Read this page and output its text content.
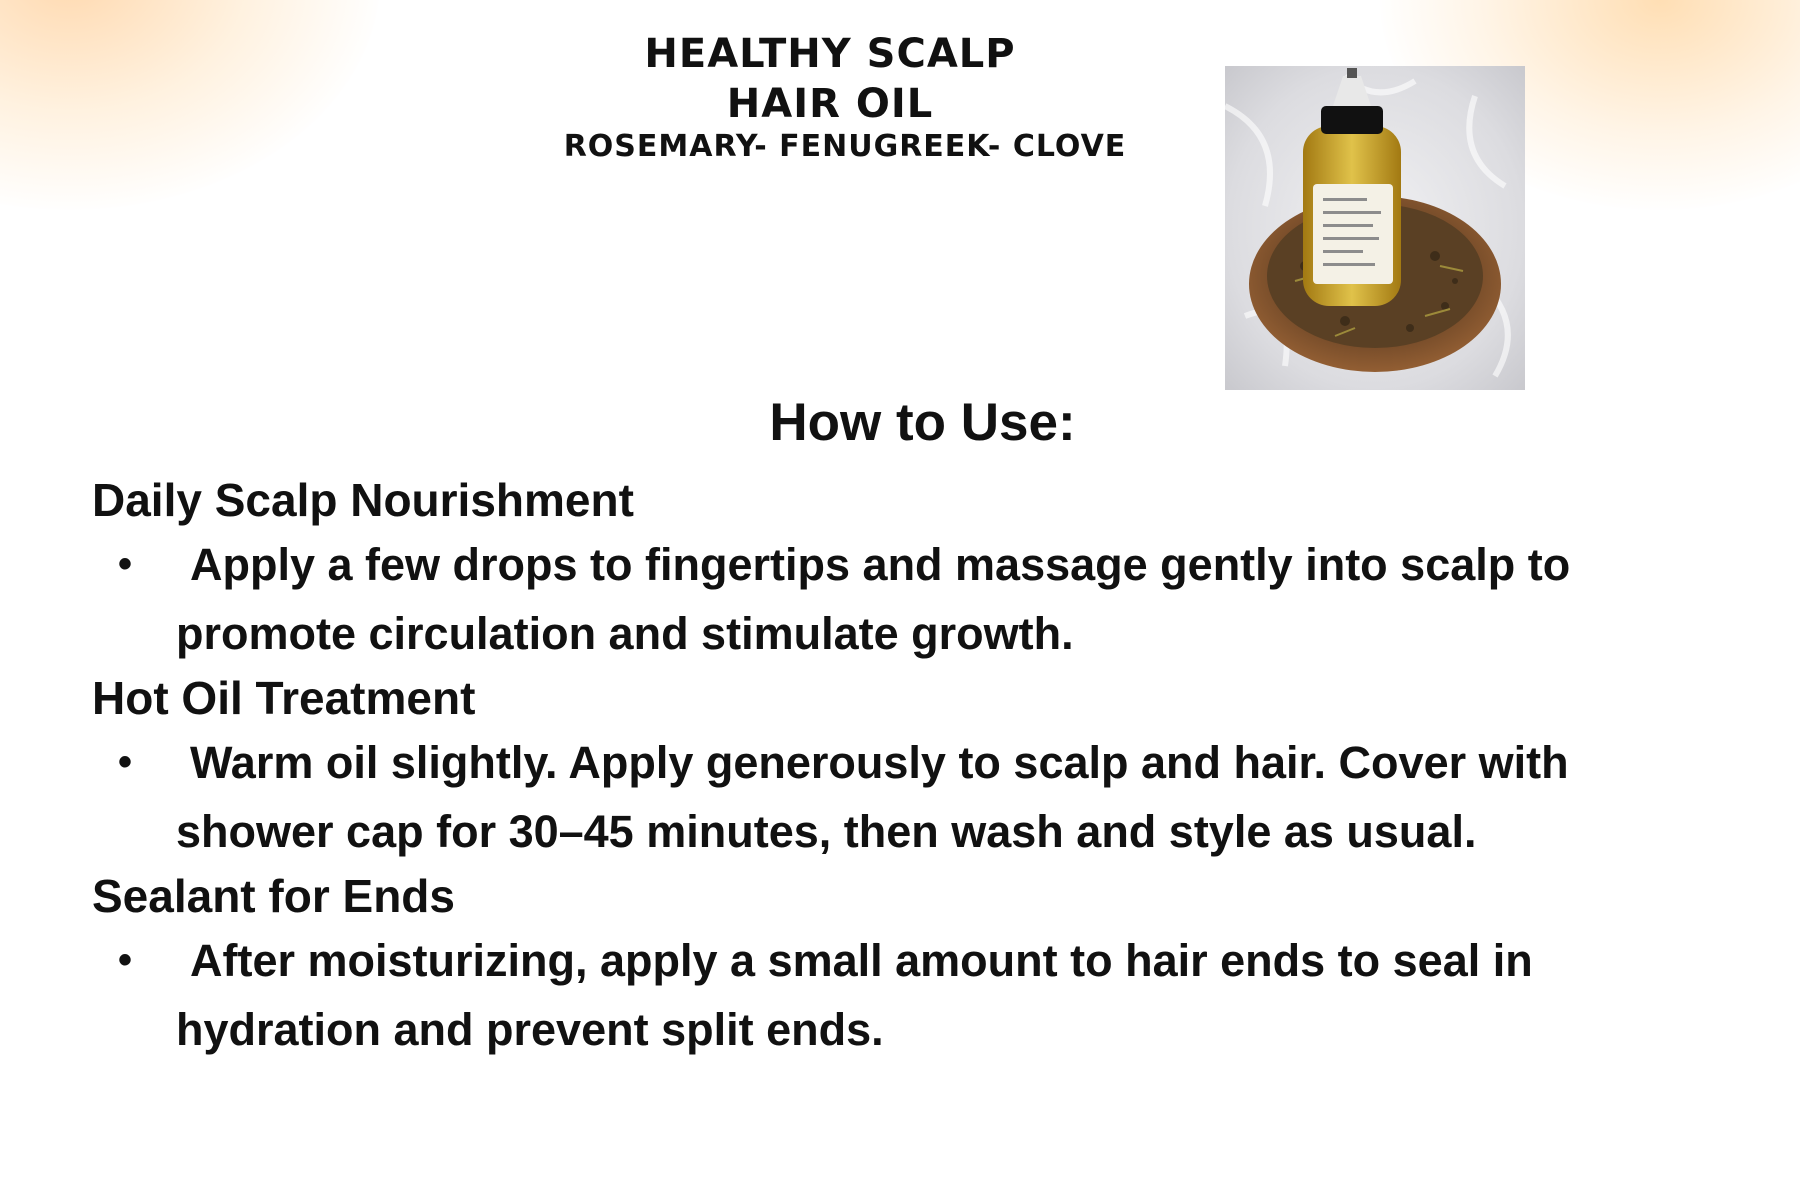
HEALTHY SCALP
HAIR OIL
ROSEMARY- FENUGREEK- CLOVE
How to Use:

Daily Scalp Nourishment

•	Apply a few drops to fingertips and massage gently into scalp to promote circulation and stimulate growth.

Hot Oil Treatment

•	Warm oil slightly. Apply generously to scalp and hair. Cover with shower cap for 30–45 minutes, then wash and style as usual.

Sealant for Ends

•	After moisturizing, apply a small amount to hair ends to seal in hydration and prevent split ends.
